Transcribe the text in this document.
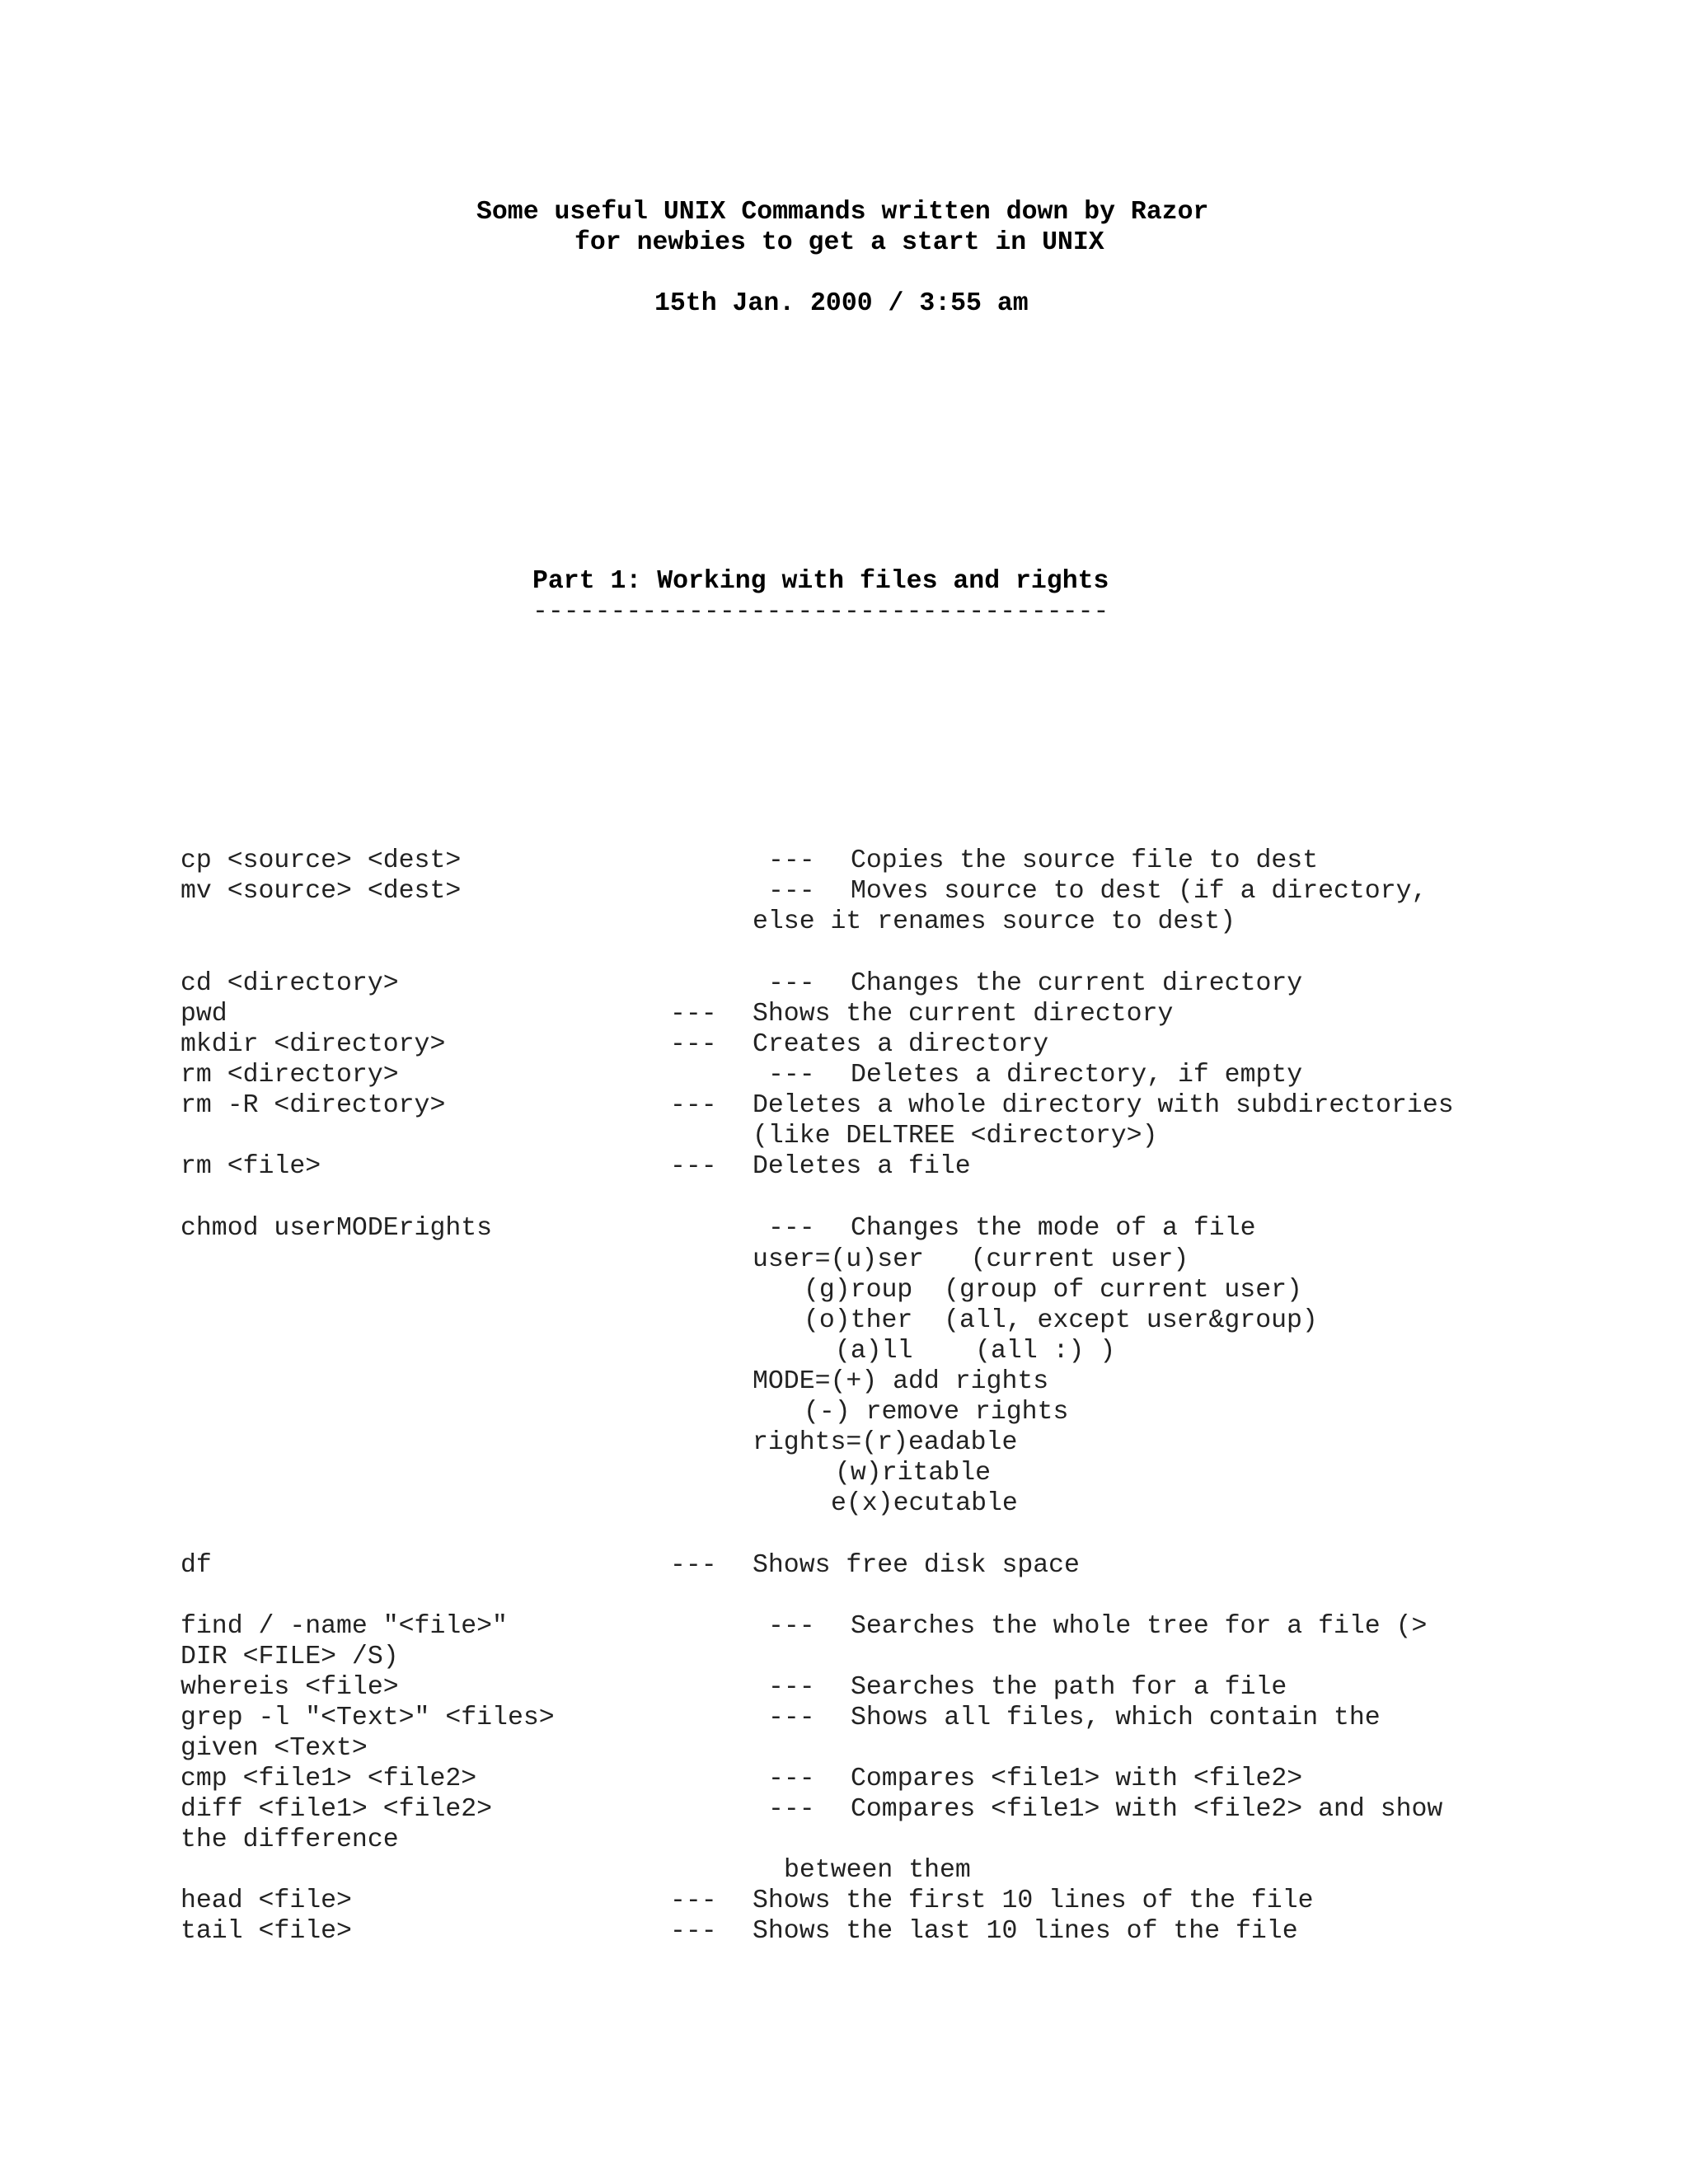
Some useful UNIX Commands written down by Razor
for newbies to get a start in UNIX
15th Jan. 2000 / 3:55 am
Part 1: Working with files and rights
-------------------------------------
cp <source> <dest>	--- Copies the source file to dest
mv <source> <dest>	--- Moves source to dest (if a directory,
else it renames source to dest)
cd <directory>	--- Changes the current directory
pwd	--- Shows the current directory
mkdir <directory>	--- Creates a directory
rm <directory>	--- Deletes a directory, if empty
rm -R <directory>	--- Deletes a whole directory with subdirectories
(like DELTREE <directory>)
rm <file>	--- Deletes a file
chmod userMODErights	--- Changes the mode of a file
user=(u)ser   (current user)
(g)roup  (group of current user)
(o)ther  (all, except user&group)
(a)ll    (all :) )
MODE=(+) add rights
(-) remove rights
rights=(r)eadable
(w)ritable
e(x)ecutable
df	--- Shows free disk space
find / -name "<file>"	--- Searches the whole tree for a file (>
DIR <FILE> /S)
whereis <file>	--- Searches the path for a file
grep -l "<Text>" <files>	--- Shows all files, which contain the
given <Text>
cmp <file1> <file2>	--- Compares <file1> with <file2>
diff <file1> <file2>	--- Compares <file1> with <file2> and show
the difference
between them
head <file>	--- Shows the first 10 lines of the file
tail <file>	--- Shows the last 10 lines of the file
